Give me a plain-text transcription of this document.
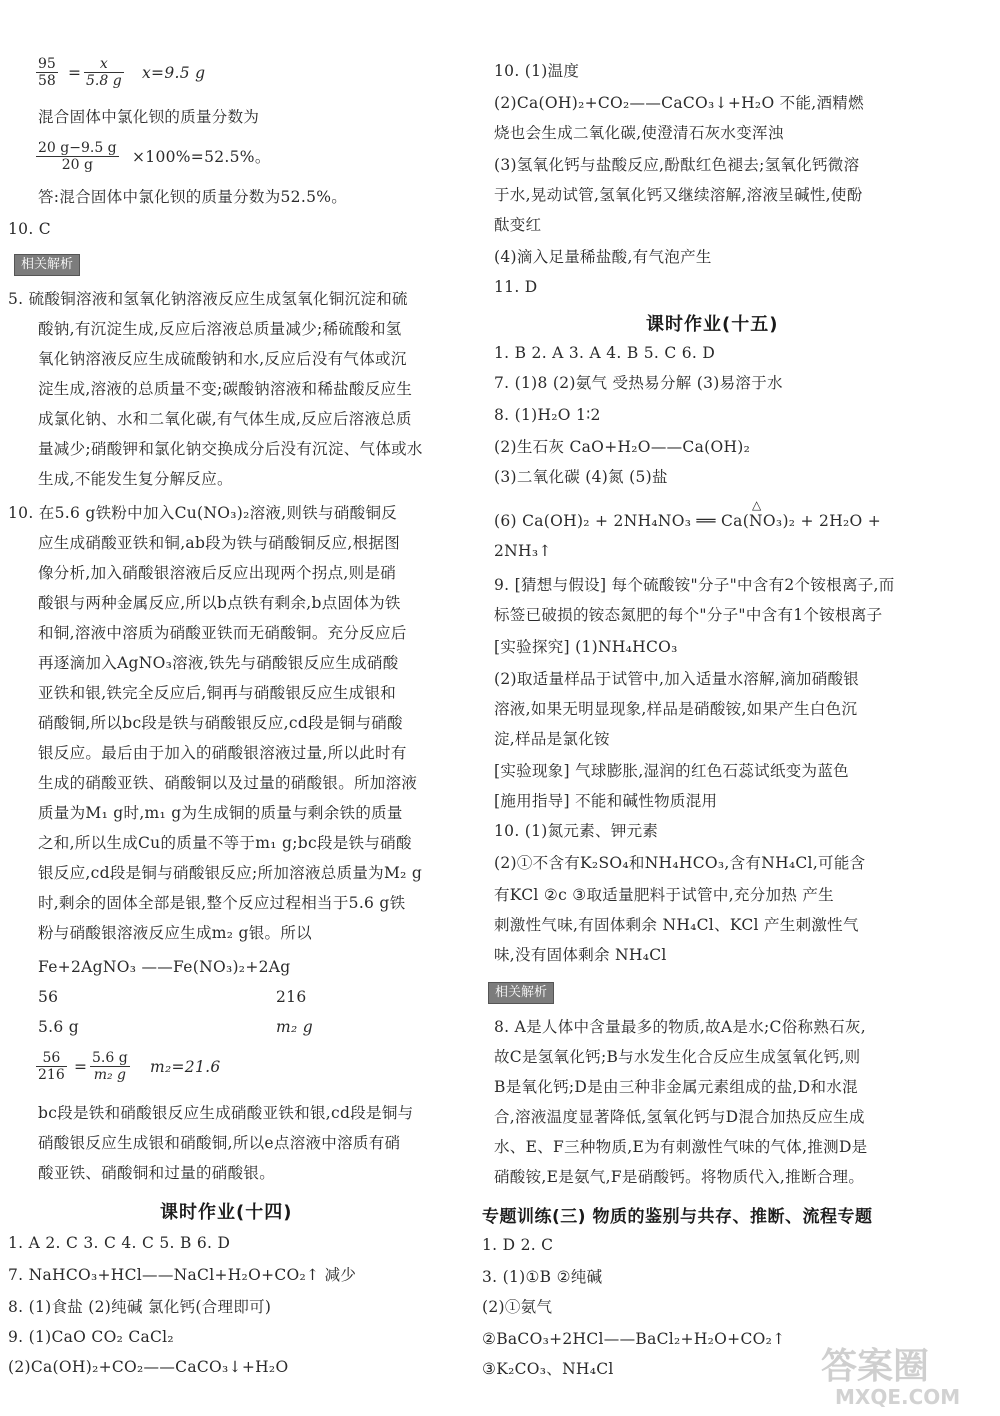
$\frac{95}{58} = \frac{x}{5.8 g} x=9.5$ g
混合固体中氯化钡的质量分数为
$\frac{20 g-9.5 g}{20 g} \times 100\%=52.5\%$。
答:混合固体中氯化钡的质量分数为52.5%。
10. C
相关解析
5. 硫酸铜溶液和氢氧化钠溶液反应生成氢氧化铜沉淀和硫
酸钠,有沉淀生成,反应后溶液总质量减少;稀硫酸和氢
氧化钠溶液反应生成硫酸钠和水,反应后没有气体或沉
淀生成,溶液的总质量不变;碳酸钠溶液和稀盐酸反应生
成氯化钠、水和二氧化碳,有气体生成,反应后溶液总质
量减少;硝酸钾和氯化钠交换成分后没有沉淀、气体或水
生成,不能发生复分解反应。
10. 在5.6 g铁粉中加入Cu(NO₃)₂溶液,则铁与硝酸铜反
应生成硝酸亚铁和铜,ab段为铁与硝酸铜反应,根据图
像分析,加入硝酸银溶液后反应出现两个拐点,则是硝
酸银与两种金属反应,所以b点铁有剩余,b点固体为铁
和铜,溶液中溶质为硝酸亚铁而无硝酸铜。充分反应后
再逐滴加入AgNO₃溶液,铁先与硝酸银反应生成硝酸
亚铁和银,铁完全反应后,铜再与硝酸银反应生成银和
硝酸铜,所以bc段是铁与硝酸银反应,cd段是铜与硝酸
银反应。最后由于加入的硝酸银溶液过量,所以此时有
生成的硝酸亚铁、硝酸铜以及过量的硝酸银。所加溶液
质量为M₁ g时,m₁ g为生成铜的质量与剩余铁的质量
之和,所以生成Cu的质量不等于m₁ g;bc段是铁与硝酸
银反应,cd段是铜与硝酸银反应;所加溶液总质量为M₂ g
时,剩余的固体全部是银,整个反应过程相当于5.6 g铁
粉与硝酸银溶液反应生成m₂ g银。所以
Fe+2AgNO₃ ——Fe(NO₃)₂+2Ag
56	216
5.6 g	m₂ g
$\frac{56}{216} = \frac{5.6 g}{\text{m₂ g}} m_2=21.6$
bc段是铁和硝酸银反应生成硝酸亚铁和银,cd段是铜与
硝酸银反应生成银和硝酸铜,所以e点溶液中溶质有硝
酸亚铁、硝酸铜和过量的硝酸银。
课时作业(十四)
1. A 2. C 3. C 4. C 5. B 6. D
7. NaHCO₃+HCl——NaCl+H₂O+CO₂↑ 减少
8. (1)食盐 (2)纯碱 氯化钙(合理即可)
9. (1)CaO CO₂ CaCl₂
(2)Ca(OH)₂+CO₂——CaCO₃↓+H₂O
10. (1)温度
(2)Ca(OH)₂+CO₂——CaCO₃↓+H₂O 不能,酒精燃
烧也会生成二氧化碳,使澄清石灰水变浑浊
(3)氢氧化钙与盐酸反应,酚酞红色褪去;氢氧化钙微溶
于水,晃动试管,氢氧化钙又继续溶解,溶液呈碱性,使酚
酞变红
(4)滴入足量稀盐酸,有气泡产生
11. D
课时作业(十五)
1. B 2. A 3. A 4. B 5. C 6. D
7. (1)8 (2)氨气 受热易分解 (3)易溶于水
8. (1)H₂O 1∶2
(2)生石灰 CaO+H₂O——Ca(OH)₂
(3)二氧化碳 (4)氮 (5)盐
△
(6) Ca(OH)₂ + 2NH₄NO₃ ══ Ca(NO₃)₂ + 2H₂O +
2NH₃↑
9. [猜想与假设] 每个硫酸铵"分子"中含有2个铵根离子,而
标签已破损的铵态氮肥的每个"分子"中含有1个铵根离子
[实验探究] (1)NH₄HCO₃
(2)取适量样品于试管中,加入适量水溶解,滴加硝酸银
溶液,如果无明显现象,样品是硝酸铵,如果产生白色沉
淀,样品是氯化铵
[实验现象] 气球膨胀,湿润的红色石蕊试纸变为蓝色
[施用指导] 不能和碱性物质混用
10. (1)氮元素、钾元素
(2)①不含有K₂SO₄和NH₄HCO₃,含有NH₄Cl,可能含
有KCl ②c ③取适量肥料于试管中,充分加热 产生
刺激性气味,有固体剩余 NH₄Cl、KCl 产生刺激性气
味,没有固体剩余 NH₄Cl
相关解析
8. A是人体中含量最多的物质,故A是水;C俗称熟石灰,
故C是氢氧化钙;B与水发生化合反应生成氢氧化钙,则
B是氧化钙;D是由三种非金属元素组成的盐,D和水混
合,溶液温度显著降低,氢氧化钙与D混合加热反应生成
水、E、F三种物质,E为有刺激性气味的气体,推测D是
硝酸铵,E是氨气,F是硝酸钙。将物质代入,推断合理。
专题训练(三) 物质的鉴别与共存、推断、流程专题
1. D 2. C
3. (1)①B ②纯碱
(2)①氨气
②BaCO₃+2HCl——BaCl₂+H₂O+CO₂↑
③K₂CO₃、NH₄Cl	答案圈
MXQE.COM
